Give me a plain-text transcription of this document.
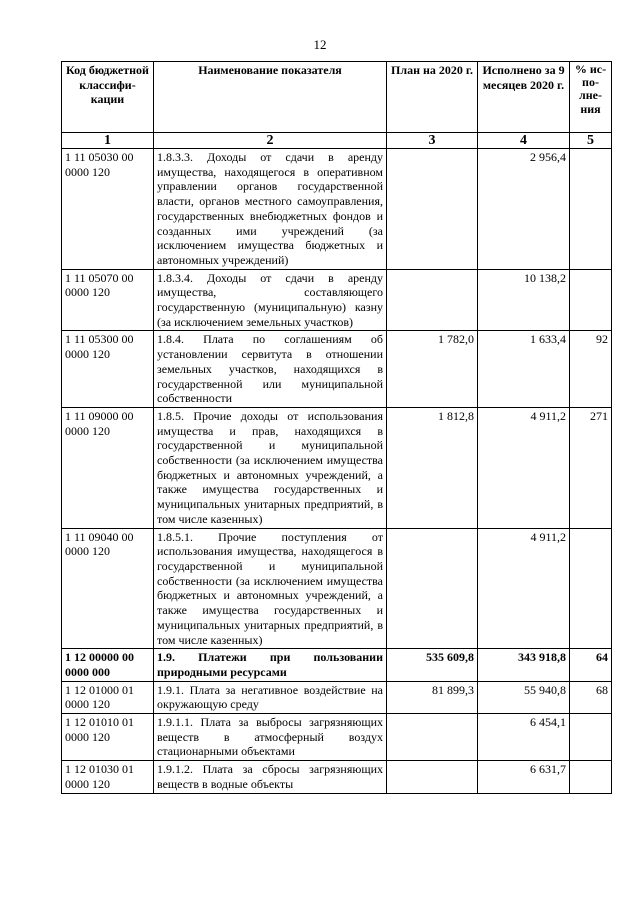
12
Код бюджетной классифи-кации	Наименование показателя	План на 2020 г.	Исполнено за 9 месяцев 2020 г.	% ис-по-лне-ния
1	2	3	4	5
1 11 05030 00 0000 120	1.8.3.3. Доходы от сдачи в аренду имущества, находящегося в оперативном управлении органов государственной власти, органов местного самоуправления, государственных внебюджетных фондов и созданных ими учреждений (за исключением имущества бюджетных и автономных учреждений)		2 956,4	
1 11 05070 00 0000 120	1.8.3.4. Доходы от сдачи в аренду имущества, составляющего государственную (муниципальную) казну (за исключением земельных участков)		10 138,2	
1 11 05300 00 0000 120	1.8.4. Плата по соглашениям об установлении сервитута в отношении земельных участков, находящихся в государственной или муниципальной собственности	1 782,0	1 633,4	92
1 11 09000 00 0000 120	1.8.5. Прочие доходы от использования имущества и прав, находящихся в государственной и муниципальной собственности (за исключением имущества бюджетных и автономных учреждений, а также имущества государственных и муниципальных унитарных предприятий, в том числе казенных)	1 812,8	4 911,2	271
1 11 09040 00 0000 120	1.8.5.1. Прочие поступления от использования имущества, находящегося в государственной и муниципальной собственности (за исключением имущества бюджетных и автономных учреждений, а также имущества государственных и муниципальных унитарных предприятий, в том числе казенных)		4 911,2	
1 12 00000 00 0000 000	1.9. Платежи при пользовании природными ресурсами	535 609,8	343 918,8	64
1 12 01000 01 0000 120	1.9.1. Плата за негативное воздействие на окружающую среду	81 899,3	55 940,8	68
1 12 01010 01 0000 120	1.9.1.1. Плата за выбросы загрязняющих веществ в атмосферный воздух стационарными объектами		6 454,1	
1 12 01030 01 0000 120	1.9.1.2. Плата за сбросы загрязняющих веществ в водные объекты		6 631,7	
